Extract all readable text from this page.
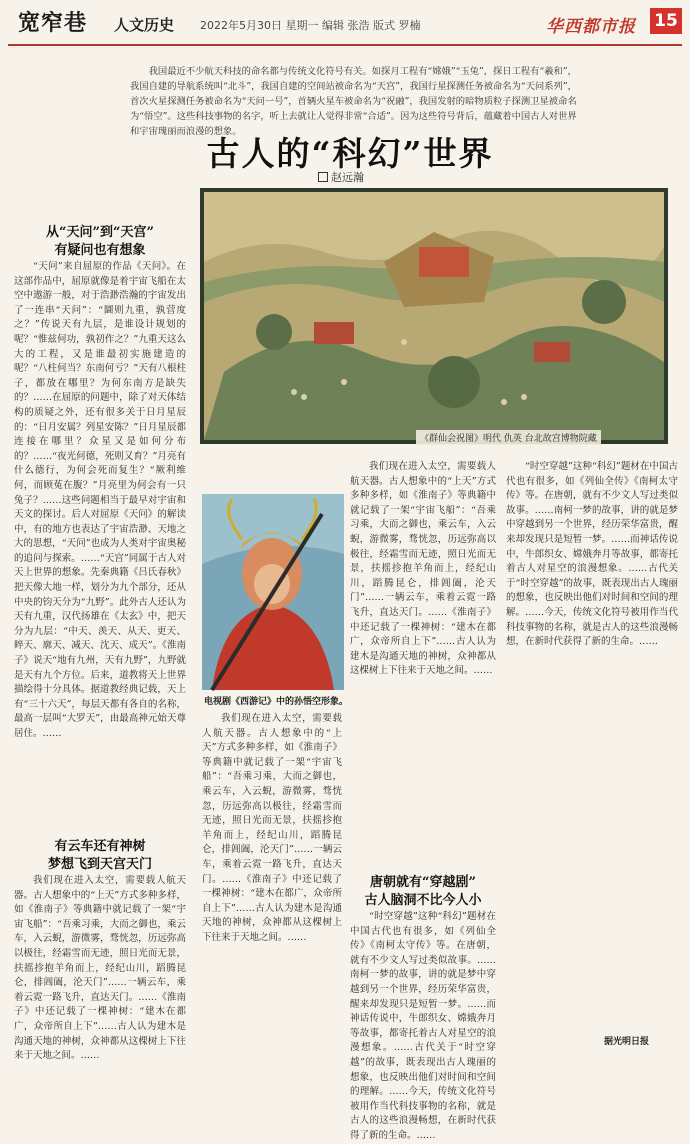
宽窄巷 人文历史 2022年5月30日 星期一 编辑 张浩 版式 罗楠	华西都市报 15
我国最近不少航天科技的命名都与传统文化符号有关。如探月工程有“嫦娥”“玉兔”，探日工程有“羲和”，我国自建的导航系统叫“北斗”，我国自建的空间站被命名为“天宫”，我国行星探测任务被命名为“天问系列”，首次火星探测任务被命名为“天问一号”，首辆火星车被命名为“祝融”，我国发射的暗物质粒子探测卫星被命名为“悟空”。这些科技事物的名字，听上去就让人觉得非常“合适”。因为这些符号背后，蕴藏着中国古人对世界和宇宙瑰丽而浪漫的想象。
古人的“科幻”世界
赵远瀚
《群仙会祝图》明代 仇英 台北故宫博物院藏
从“天问”到“天宫”
有疑问也有想象

“天问”来自屈原的作品《天问》。在这部作品中，屈原就像是着宇宙飞船在太空中遨游一般，对于浩渺浩瀚的宇宙发出了一连串“天问”：“圜则九重，孰营度之？”传说天有九层，是谁设计规划的呢？“惟兹何功，孰初作之？”九重天这么大的工程，又是谁最初实施建造的呢？“八柱何当？东南何亏？”天有八根柱子，都放在哪里？为何东南方是缺失的？……在屈原的问题中，除了对天体结构的质疑之外，还有很多关于日月星辰的：“日月安属？列星安陈？”日月星辰都连接在哪里？众星又是如何分布的？……“夜光何德，死则又育？”月亮有什么德行，为何会死而复生？“厥利维何，而顾菟在腹？”月亮里为何会有一只兔子？……这些问题相当于最早对宇宙和天文的探讨。后人对屈原《天问》的解读中，有的地方也表达了宇宙浩渺、天地之大的思想，“天问”也成为人类对宇宙奥秘的追问与探索。……“天宫”同属于古人对天上世界的想象。先秦典籍《吕氏春秋》把天像大地一样，划分为九个部分，还从中央的钧天分为“九野”。此外古人还认为天有九重，汉代扬雄在《太玄》中，把天分为九层：“中天、羡天、从天、更天、睟天、廓天、减天、沈天、成天”。《淮南子》说天“地有九州，天有九野”，九野就是天有九个方位。后来，道教将天上世界描绘得十分具体。据道教经典记载，天上有“三十六天”，每层天都有各自的名称，最高一层叫“大罗天”，由最高神元始天尊居住。……

有云车还有神树
梦想飞到天宫天门

我们现在进入太空，需要载人航天器。古人想象中的“上天”方式多种多样，如《淮南子》等典籍中就记载了一架“宇宙飞船”：“吾乘习乘，大而之御也，乘云车，入云蜺，游微雾，骛恍忽，历远弥高以极往，经霜雪而无迹，照日光而无景，扶摇抮抱羊角而上，经纪山川，蹈腾昆仑，排阊阖，沦天门”……一辆云车，乘着云霓一路飞升，直达天门。……《淮南子》中还记载了一棵神树：“建木在都广，众帝所自上下”……古人认为建木是沟通天地的神树，众神都从这棵树上下往来于天地之间。……

电视剧《西游记》中的孙悟空形象。

我们现在进入太空，需要载人航天器。古人想象中的“上天”方式多种多样，如《淮南子》等典籍中就记载了一架“宇宙飞船”：“吾乘习乘，大而之御也，乘云车，入云蜺，游微雾，骛恍忽，历远弥高以极往，经霜雪而无迹，照日光而无景，扶摇抮抱羊角而上，经纪山川，蹈腾昆仑，排阊阖，沦天门”……一辆云车，乘着云霓一路飞升，直达天门。……《淮南子》中还记载了一棵神树：“建木在都广，众帝所自上下”……古人认为建木是沟通天地的神树，众神都从这棵树上下往来于天地之间。……

我们现在进入太空，需要载人航天器。古人想象中的“上天”方式多种多样，如《淮南子》等典籍中就记载了一架“宇宙飞船”：“吾乘习乘，大而之御也，乘云车，入云蜺，游微雾，骛恍忽，历远弥高以极往，经霜雪而无迹，照日光而无景，扶摇抮抱羊角而上，经纪山川，蹈腾昆仑，排阊阖，沦天门”……一辆云车，乘着云霓一路飞升，直达天门。……《淮南子》中还记载了一棵神树：“建木在都广，众帝所自上下”……古人认为建木是沟通天地的神树，众神都从这棵树上下往来于天地之间。……

唐朝就有“穿越剧”
古人脑洞不比今人小

“时空穿越”这种“科幻”题材在中国古代也有很多，如《列仙全传》《南柯太守传》等。在唐朝，就有不少文人写过类似故事。……南柯一梦的故事，讲的就是梦中穿越到另一个世界，经历荣华富贵，醒来却发现只是短暂一梦。……而神话传说中，牛郎织女、嫦娥奔月等故事，都寄托着古人对星空的浪漫想象。……古代关于“时空穿越”的故事，既表现出古人瑰丽的想象，也反映出他们对时间和空间的理解。……今天，传统文化符号被用作当代科技事物的名称，就是古人的这些浪漫畅想，在新时代获得了新的生命。……

“时空穿越”这种“科幻”题材在中国古代也有很多，如《列仙全传》《南柯太守传》等。在唐朝，就有不少文人写过类似故事。……南柯一梦的故事，讲的就是梦中穿越到另一个世界，经历荣华富贵，醒来却发现只是短暂一梦。……而神话传说中，牛郎织女、嫦娥奔月等故事，都寄托着古人对星空的浪漫想象。……古代关于“时空穿越”的故事，既表现出古人瑰丽的想象，也反映出他们对时间和空间的理解。……今天，传统文化符号被用作当代科技事物的名称，就是古人的这些浪漫畅想，在新时代获得了新的生命。……

据光明日报
